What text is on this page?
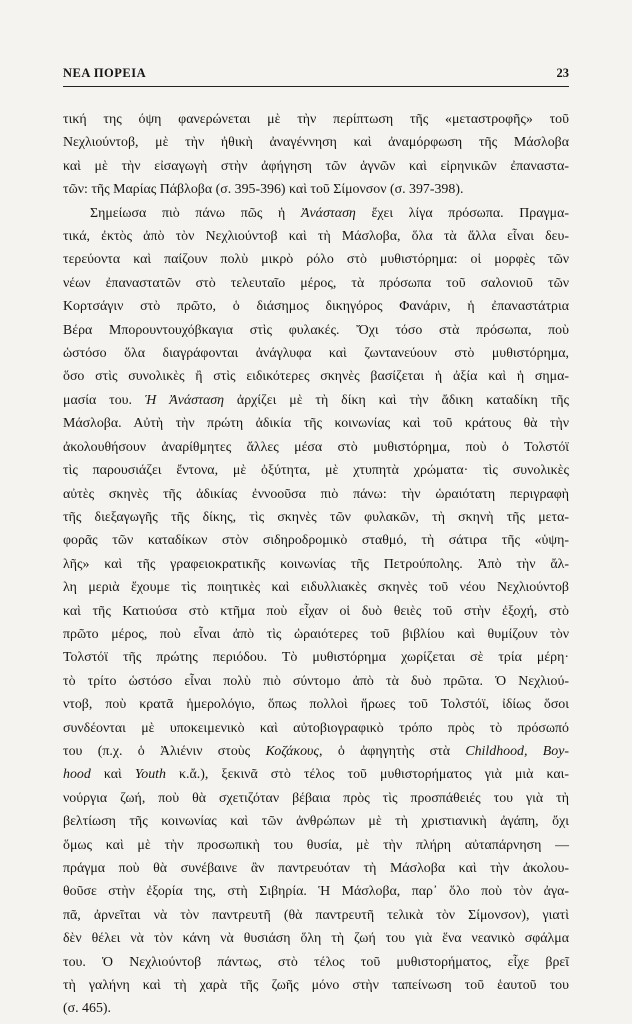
ΝΕΑ ΠΟΡΕΙΑ	23
τική της όψη φανερώνεται μὲ τὴν περίπτωση τῆς «μεταστροφῆς» τοῦ
Νεχλιούντοβ, μὲ τὴν ἠθικὴ ἀναγέννηση καὶ ἀναμόρφωση τῆς Μάσλοβα
καὶ μὲ τὴν εἰσαγωγὴ στὴν ἀφήγηση τῶν ἁγνῶν καὶ εἰρηνικῶν ἐπαναστα-
τῶν: τῆς Μαρίας Πάβλοβα (σ. 395-396) καὶ τοῦ Σίμονσον (σ. 397-398).
Σημείωσα πιὸ πάνω πῶς ἡ Ἀνάσταση ἔχει λίγα πρόσωπα. Πραγμα-
τικά, ἐκτὸς ἀπὸ τὸν Νεχλιούντοβ καὶ τὴ Μάσλοβα, ὅλα τὰ ἄλλα εἶναι δευ-
τερεύοντα καὶ παίζουν πολὺ μικρὸ ρόλο στὸ μυθιστόρημα: οἱ μορφὲς τῶν
νέων ἐπαναστατῶν στὸ τελευταῖο μέρος, τὰ πρόσωπα τοῦ σαλονιοῦ τῶν
Κορτσάγιν στὸ πρῶτο, ὁ διάσημος δικηγόρος Φανάριν, ἡ ἐπαναστάτρια
Βέρα Μπορουντουχόβκαγια στὶς φυλακές. Ὄχι τόσο στὰ πρόσωπα, ποὺ
ὡστόσο ὅλα διαγράφονται ἀνάγλυφα καὶ ζωντανεύουν στὸ μυθιστόρημα,
ὅσο στὶς συνολικὲς ἢ στὶς ειδικότερες σκηνὲς βασίζεται ἡ ἀξία καὶ ἡ σημα-
μασία του. Ἡ Ἀνάσταση ἀρχίζει μὲ τὴ δίκη καὶ τὴν ἄδικη καταδίκη τῆς
Μάσλοβα. Αὐτὴ τὴν πρώτη ἀδικία τῆς κοινωνίας καὶ τοῦ κράτους θὰ τὴν
ἀκολουθήσουν ἀναρίθμητες ἄλλες μέσα στὸ μυθιστόρημα, ποὺ ὁ Τολστόϊ
τὶς παρουσιάζει ἔντονα, μὲ ὀξύτητα, μὲ χτυπητὰ χρώματα· τὶς συνολικὲς
αὐτὲς σκηνὲς τῆς ἀδικίας ἐννοοῦσα πιὸ πάνω: τὴν ὡραιότατη περιγραφὴ
τῆς διεξαγωγῆς τῆς δίκης, τὶς σκηνὲς τῶν φυλακῶν, τὴ σκηνὴ τῆς μετα-
φορᾶς τῶν καταδίκων στὸν σιδηροδρομικὸ σταθμό, τὴ σάτιρα τῆς «ὑψη-
λῆς» καὶ τῆς γραφειοκρατικῆς κοινωνίας τῆς Πετρούπολης. Ἀπὸ τὴν ἄλ-
λη μεριὰ ἔχουμε τὶς ποιητικὲς καὶ ειδυλλιακὲς σκηνὲς τοῦ νέου Νεχλιούντοβ
καὶ τῆς Κατιούσα στὸ κτῆμα ποὺ εἶχαν οἱ δυὸ θειὲς τοῦ στὴν ἐξοχή, στὸ
πρῶτο μέρος, ποὺ εἶναι ἀπὸ τὶς ὡραιότερες τοῦ βιβλίου καὶ θυμίζουν τὸν
Τολστόϊ τῆς πρώτης περιόδου. Τὸ μυθιστόρημα χωρίζεται σὲ τρία μέρη·
τὸ τρίτο ὡστόσο εἶναι πολὺ πιὸ σύντομο ἀπὸ τὰ δυὸ πρῶτα. Ὁ Νεχλιού-
ντοβ, ποὺ κρατᾶ ἡμερολόγιο, ὅπως πολλοὶ ἥρωες τοῦ Τολστόϊ, ἰδίως ὅσοι
συνδέονται μὲ υποκειμενικὸ καὶ αὐτοβιογραφικὸ τρόπο πρὸς τὸ πρόσωπό
του (π.χ. ὁ Ἀλιένιν στοὺς Κοζάκους, ὁ ἀφηγητὴς στὰ Childhood, Boy-
hood καὶ Youth κ.ἄ.), ξεκινᾶ στὸ τέλος τοῦ μυθιστορήματος γιὰ μιὰ και-
νούργια ζωή, ποὺ θὰ σχετιζόταν βέβαια πρὸς τὶς προσπάθειές του γιὰ τὴ
βελτίωση τῆς κοινωνίας καὶ τῶν ἀνθρώπων μὲ τὴ χριστιανικὴ ἀγάπη, ὄχι
ὅμως καὶ μὲ τὴν προσωπικὴ του θυσία, μὲ τὴν πλήρη αὐταπάρνηση —
πράγμα ποὺ θὰ συνέβαινε ἂν παντρευόταν τὴ Μάσλοβα καὶ τὴν ἀκολου-
θοῦσε στὴν ἐξορία της, στὴ Σιβηρία. Ἡ Μάσλοβα, παρ᾽ ὅλο ποὺ τὸν ἀγα-
πᾶ, ἀρνεῖται νὰ τὸν παντρευτῆ (θὰ παντρευτῆ τελικὰ τὸν Σίμονσον), γιατὶ
δὲν θέλει νὰ τὸν κάνη νὰ θυσιάση ὅλη τὴ ζωή του γιὰ ἕνα νεανικὸ σφάλμα
του. Ὁ Νεχλιούντοβ πάντως, στὸ τέλος τοῦ μυθιστορήματος, εἶχε βρεῖ
τὴ γαλήνη καὶ τὴ χαρὰ τῆς ζωῆς μόνο στὴν ταπείνωση τοῦ ἑαυτοῦ του
(σ. 465).
